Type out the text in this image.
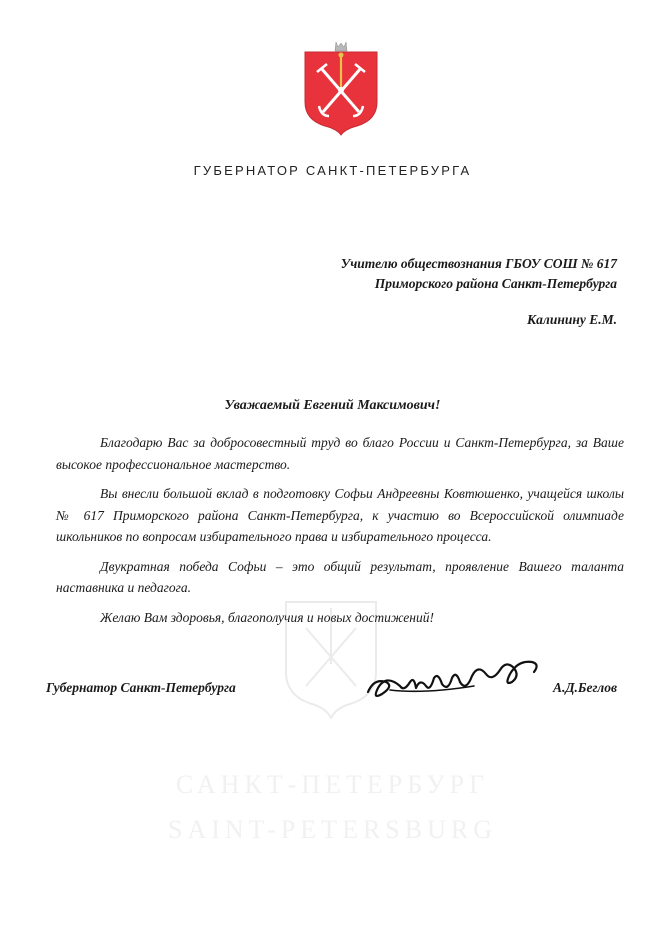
ГУБЕРНАТОР САНКТ-ПЕТЕРБУРГА
Учителю обществознания ГБОУ СОШ № 617
Приморского района Санкт-Петербурга
Калинину Е.М.
Уважаемый Евгений Максимович!

Благодарю Вас за добросовестный труд во благо России и Санкт-Петербурга, за Ваше высокое профессиональное мастерство.

Вы внесли большой вклад в подготовку Софьи Андреевны Ковтюшенко, учащейся школы № 617 Приморского района Санкт-Петербурга, к участию во Всероссийской олимпиаде школьников по вопросам избирательного права и избирательного процесса.

Двукратная победа Софьи – это общий результат, проявление Вашего таланта наставника и педагога.

Желаю Вам здоровья, благополучия и новых достижений!

Губернатор Санкт-Петербурга	А.Д.Беглов
САНКТ-ПЕТЕРБУРГ
SAINT-PETERSBURG
